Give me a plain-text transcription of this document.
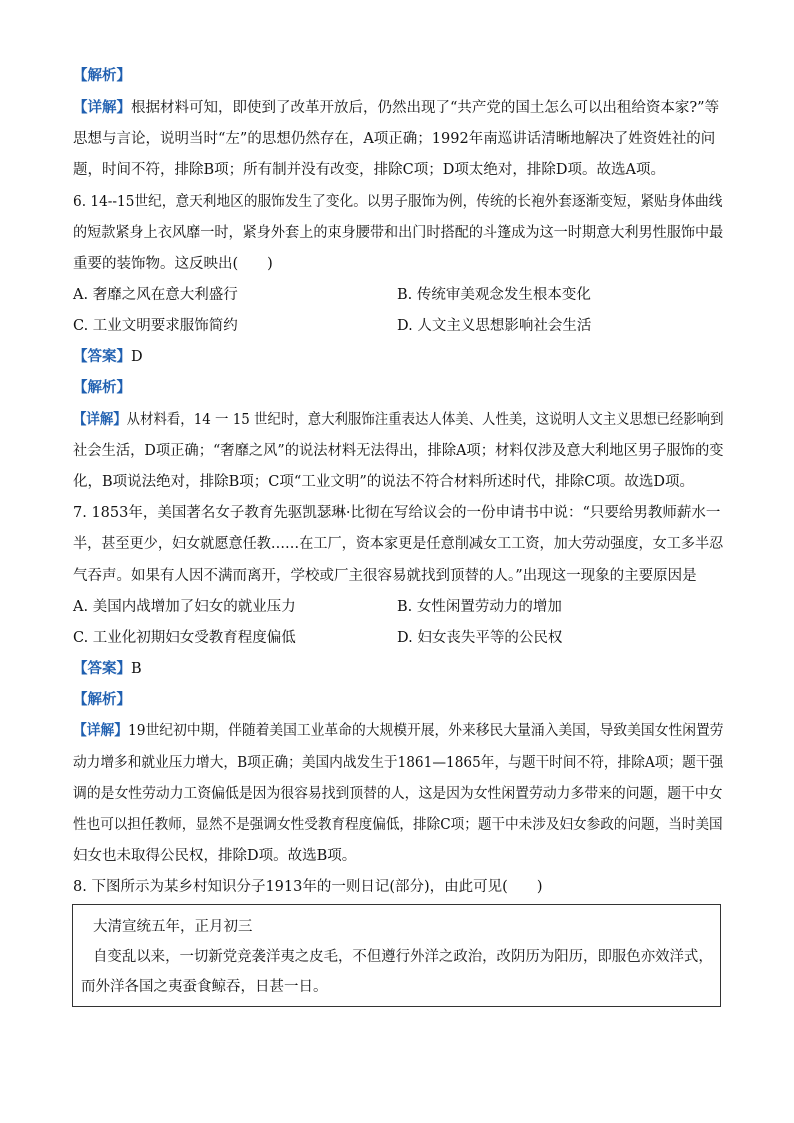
【解析】
【详解】根据材料可知，即使到了改革开放后，仍然出现了“共产党的国土怎么可以出租给资本家?”等
思想与言论，说明当时“左”的思想仍然存在，A项正确；1992年南巡讲话清晰地解决了姓资姓社的问
题，时间不符，排除B项；所有制并没有改变，排除C项；D项太绝对，排除D项。故选A项。
6. 14--15世纪，意天利地区的服饰发生了变化。以男子服饰为例，传统的长袍外套逐渐变短，紧贴身体曲线
的短款紧身上衣风靡一时，紧身外套上的束身腰带和出门时搭配的斗篷成为这一时期意大利男性服饰中最
重要的装饰物。这反映出(　　)
A. 奢靡之风在意大利盛行	B. 传统审美观念发生根本变化
C. 工业文明要求服饰简约	D. 人文主义思想影响社会生活
【答案】D
【解析】
【详解】从材料看，14 一 15 世纪时，意大利服饰注重表达人体美、人性美，这说明人文主义思想已经影响到
社会生活，D项正确；“奢靡之风”的说法材料无法得出，排除A项；材料仅涉及意大利地区男子服饰的变
化，B项说法绝对，排除B项；C项“工业文明”的说法不符合材料所述时代，排除C项。故选D项。
7. 1853年，美国著名女子教育先驱凯瑟琳·比彻在写给议会的一份申请书中说：“只要给男教师薪水一
半，甚至更少，妇女就愿意任教……在工厂，资本家更是任意削减女工工资，加大劳动强度，女工多半忍
气吞声。如果有人因不满而离开，学校或厂主很容易就找到顶替的人。”出现这一现象的主要原因是
A. 美国内战增加了妇女的就业压力	B. 女性闲置劳动力的增加
C. 工业化初期妇女受教育程度偏低	D. 妇女丧失平等的公民权
【答案】B
【解析】
【详解】19世纪初中期，伴随着美国工业革命的大规模开展，外来移民大量涌入美国，导致美国女性闲置劳
动力增多和就业压力增大，B项正确；美国内战发生于1861—1865年，与题干时间不符，排除A项；题干强
调的是女性劳动力工资偏低是因为很容易找到顶替的人，这是因为女性闲置劳动力多带来的问题，题干中女
性也可以担任教师，显然不是强调女性受教育程度偏低，排除C项；题干中未涉及妇女参政的问题，当时美国
妇女也未取得公民权，排除D项。故选B项。
8. 下图所示为某乡村知识分子1913年的一则日记(部分)，由此可见(　　)
大清宣统五年，正月初三
自变乱以来，一切新党竞袭洋夷之皮毛，不但遵行外洋之政治，改阴历为阳历，即服色亦效洋式，
而外洋各国之夷蚕食鲸吞，日甚一日。
